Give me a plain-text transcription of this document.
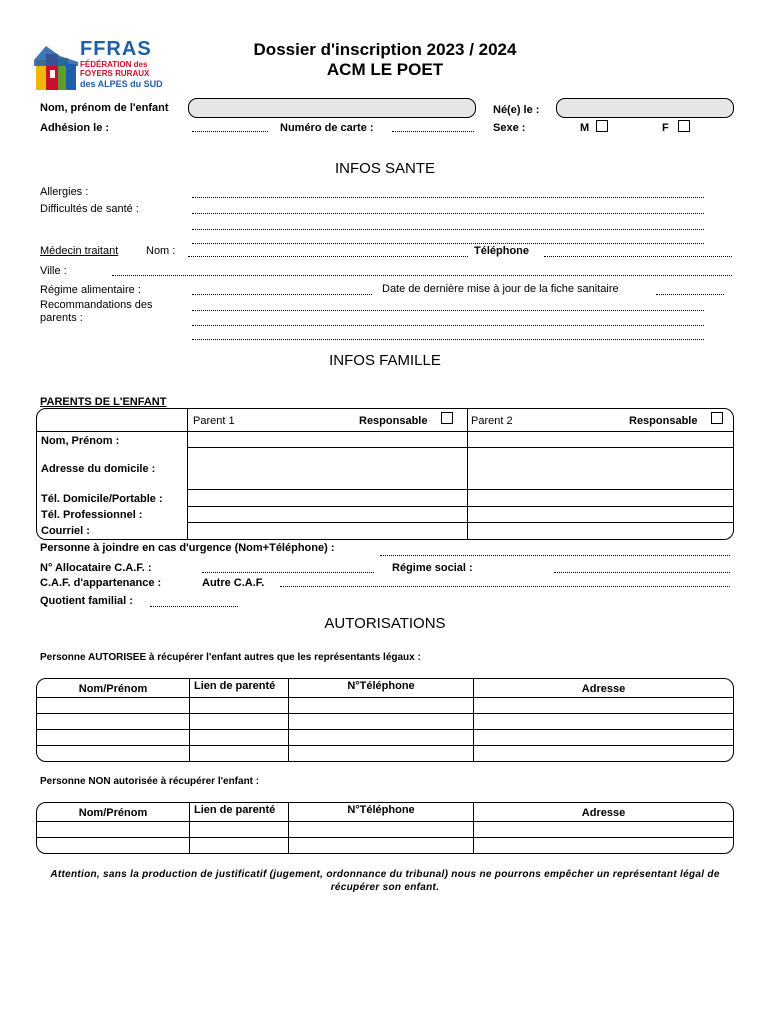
FFRAS
FÉDÉRATION des
FOYERS RURAUX
des ALPES du SUD
Dossier d'inscription 2023 / 2024
ACM LE POET
Nom, prénom de l'enfant	Né(e) le :
Adhésion le :	Numéro de carte :	Sexe :	M	F
INFOS SANTE
Allergies :
Difficultés de santé :
Médecin traitant	Nom :	Téléphone
Ville :
Régime alimentaire :	Date de dernière mise à jour de la fiche sanitaire
Recommandations des parents :
INFOS FAMILLE
PARENTS DE L'ENFANT
Parent 1	Responsable	Parent 2	Responsable
Nom, Prénom :
Adresse du domicile :
Tél. Domicile/Portable :
Tél. Professionnel :
Courriel :
Personne à joindre en cas d'urgence (Nom+Téléphone) :
N° Allocataire C.A.F. :	Régime social :
C.A.F. d'appartenance :	Autre C.A.F.
Quotient familial :
AUTORISATIONS
Personne AUTORISEE à récupérer l'enfant autres que les représentants légaux :
Nom/Prénom	Lien de parenté	N°Téléphone	Adresse

Personne NON autorisée à récupérer l'enfant :
Nom/Prénom	Lien de parenté	N°Téléphone	Adresse

Attention, sans la production de justificatif (jugement, ordonnance du tribunal) nous ne pourrons empêcher un représentant légal de récupérer son enfant.
